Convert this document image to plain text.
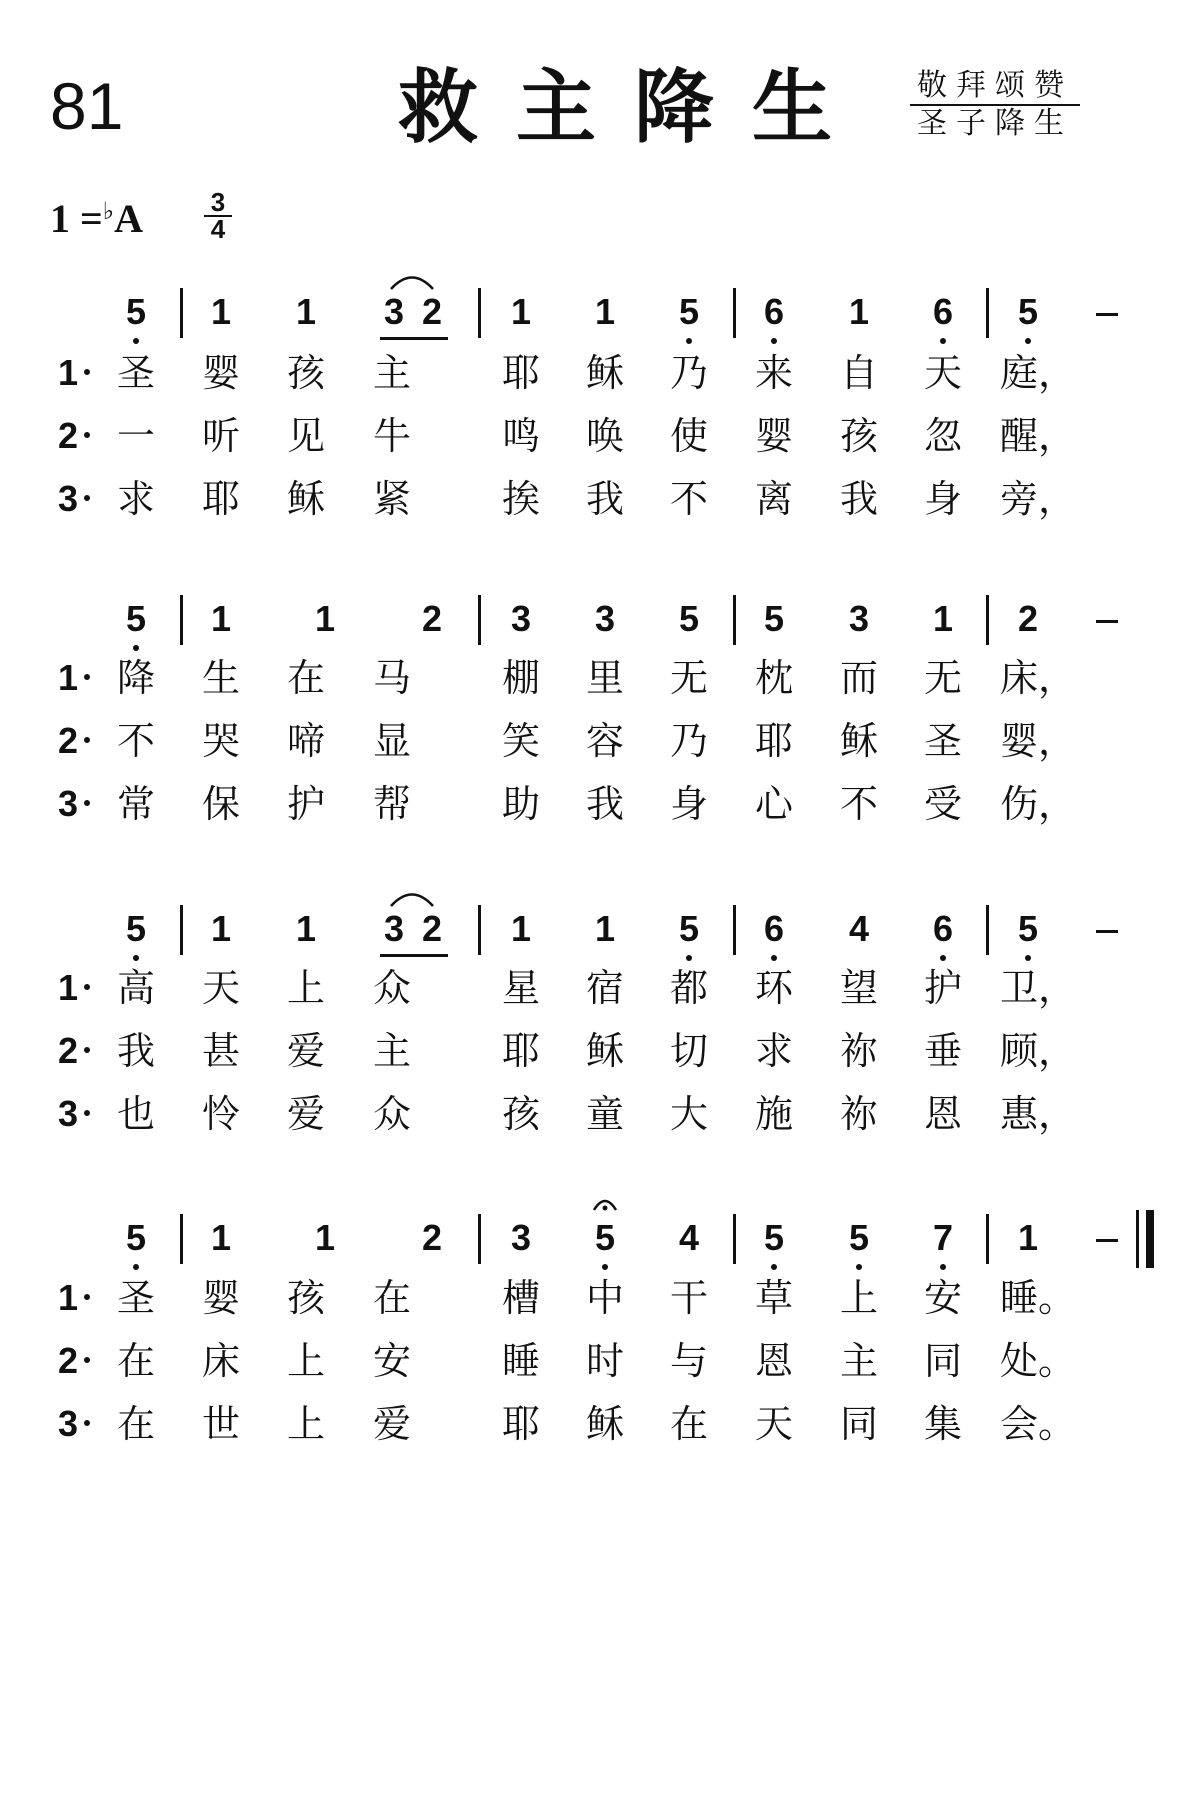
81	救主降生 敬拜颂赞
圣子降生
1 =♭A	3
4
5 1 1 3 2 1 1 5 6 1 6 5
1 圣 婴 孩 主 耶 稣 乃 来 自 天 庭，
2 一 听 见 牛 鸣 唤 使 婴 孩 忽 醒，
3 求 耶 稣 紧 挨 我 不 离 我 身 旁，
5 1 1 2 3 3 5 5 3 1 2
1 降 生 在 马 棚 里 无 枕 而 无 床，
2 不 哭 啼 显 笑 容 乃 耶 稣 圣 婴，
3 常 保 护 帮 助 我 身 心 不 受 伤，
5 1 1 3 2 1 1 5 6 4 6 5
1 高 天 上 众 星 宿 都 环 望 护 卫，
2 我 甚 爱 主 耶 稣 切 求 祢 垂 顾，
3 也 怜 爱 众 孩 童 大 施 祢 恩 惠，
5 1 1 2 3 5 4 5 5 7 1
1 圣 婴 孩 在 槽 中 干 草 上 安 睡。
2 在 床 上 安 睡 时 与 恩 主 同 处。
3 在 世 上 爱 耶 稣 在 天 同 集 会。
